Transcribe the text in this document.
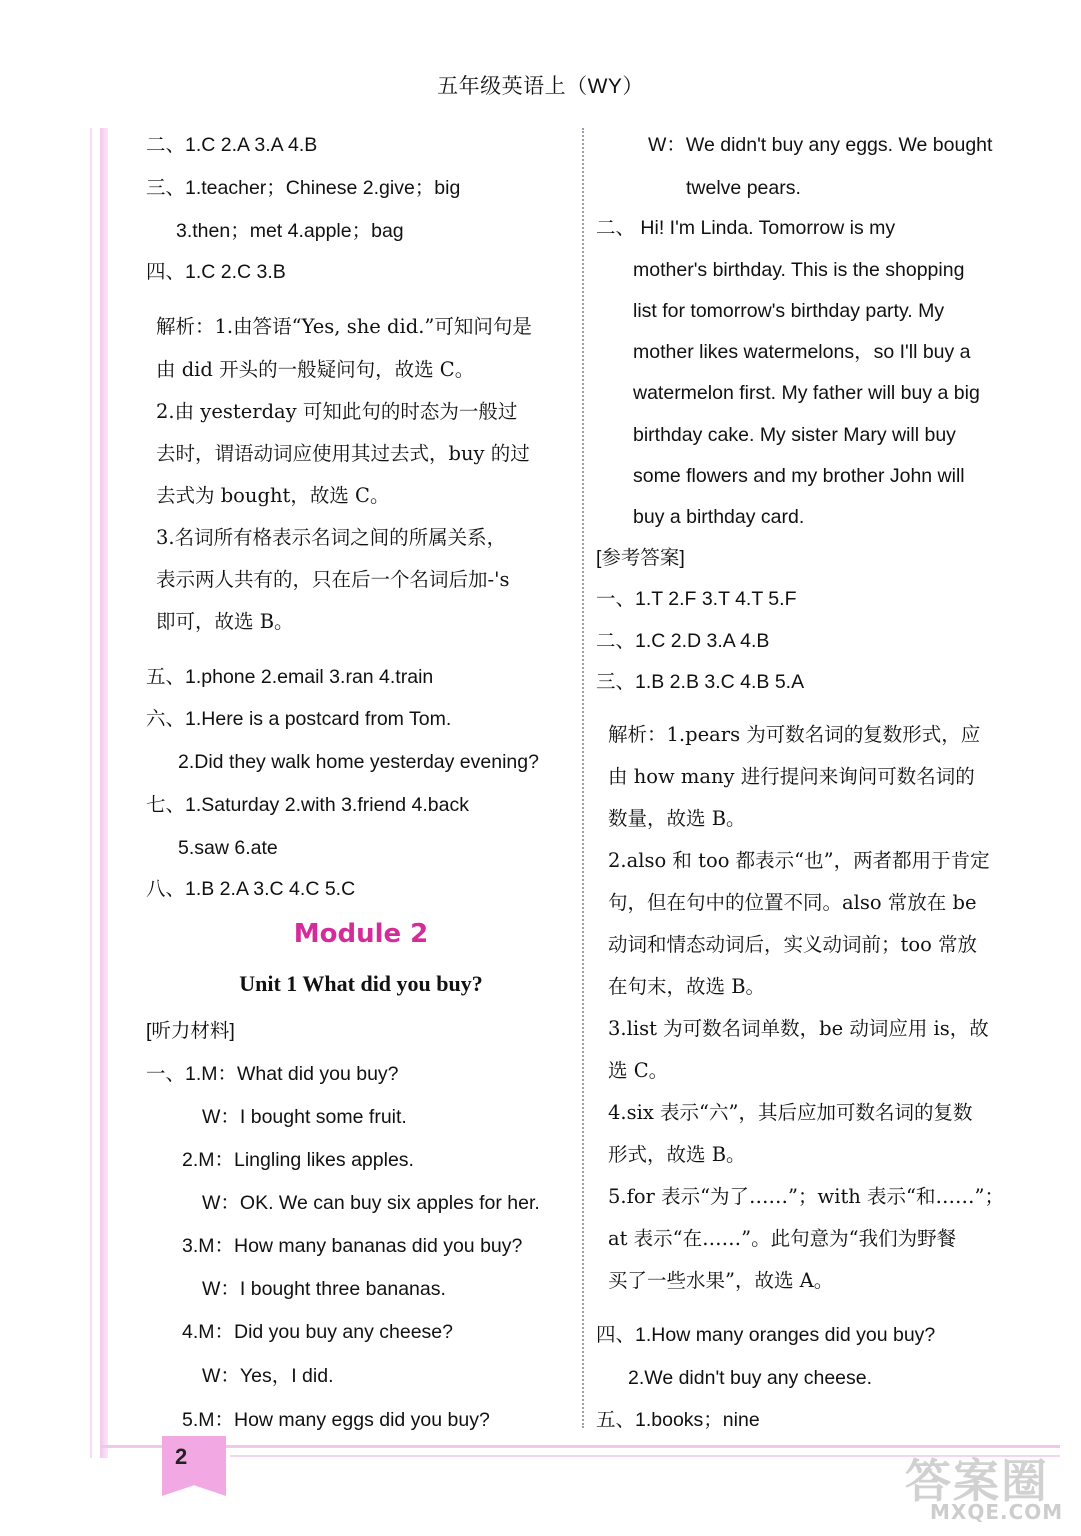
五年级英语上（WY）
二、1.C 2.A 3.A 4.B
三、1.teacher；Chinese 2.give；big
3.then；met 4.apple；bag
四、1.C 2.C 3.B
解析：1.由答语“Yes, she did.”可知问句是
由 did 开头的一般疑问句，故选 C。
2.由 yesterday 可知此句的时态为一般过
去时，谓语动词应使用其过去式，buy 的过
去式为 bought，故选 C。
3.名词所有格表示名词之间的所属关系，
表示两人共有的，只在后一个名词后加-'s
即可，故选 B。
五、1.phone 2.email 3.ran 4.train
六、1.Here is a postcard from Tom.
2.Did they walk home yesterday evening?
七、1.Saturday 2.with 3.friend 4.back
5.saw 6.ate
八、1.B 2.A 3.C 4.C 5.C
Module 2
Unit 1 What did you buy?
[听力材料]
一、1.M：What did you buy?
W：I bought some fruit.
2.M：Lingling likes apples.
W：OK. We can buy six apples for her.
3.M：How many bananas did you buy?
W：I bought three bananas.
4.M：Did you buy any cheese?
W：Yes，I did.
5.M：How many eggs did you buy?
W：We didn't buy any eggs. We bought
twelve pears.
二、 Hi! I'm Linda. Tomorrow is my
mother's birthday. This is the shopping
list for tomorrow's birthday party. My
mother likes watermelons，so I'll buy a
watermelon first. My father will buy a big
birthday cake. My sister Mary will buy
some flowers and my brother John will
buy a birthday card.
[参考答案]
一、1.T 2.F 3.T 4.T 5.F
二、1.C 2.D 3.A 4.B
三、1.B 2.B 3.C 4.B 5.A
解析：1.pears 为可数名词的复数形式，应
由 how many 进行提问来询问可数名词的
数量，故选 B。
2.also 和 too 都表示“也”，两者都用于肯定
句，但在句中的位置不同。also 常放在 be
动词和情态动词后，实义动词前；too 常放
在句末，故选 B。
3.list 为可数名词单数，be 动词应用 is，故
选 C。
4.six 表示“六”，其后应加可数名词的复数
形式，故选 B。
5.for 表示“为了……”；with 表示“和……”；
at 表示“在……”。此句意为“我们为野餐
买了一些水果”，故选 A。
四、1.How many oranges did you buy?
2.We didn't buy any cheese.
五、1.books；nine
2	答案圈
MXQE.COM
